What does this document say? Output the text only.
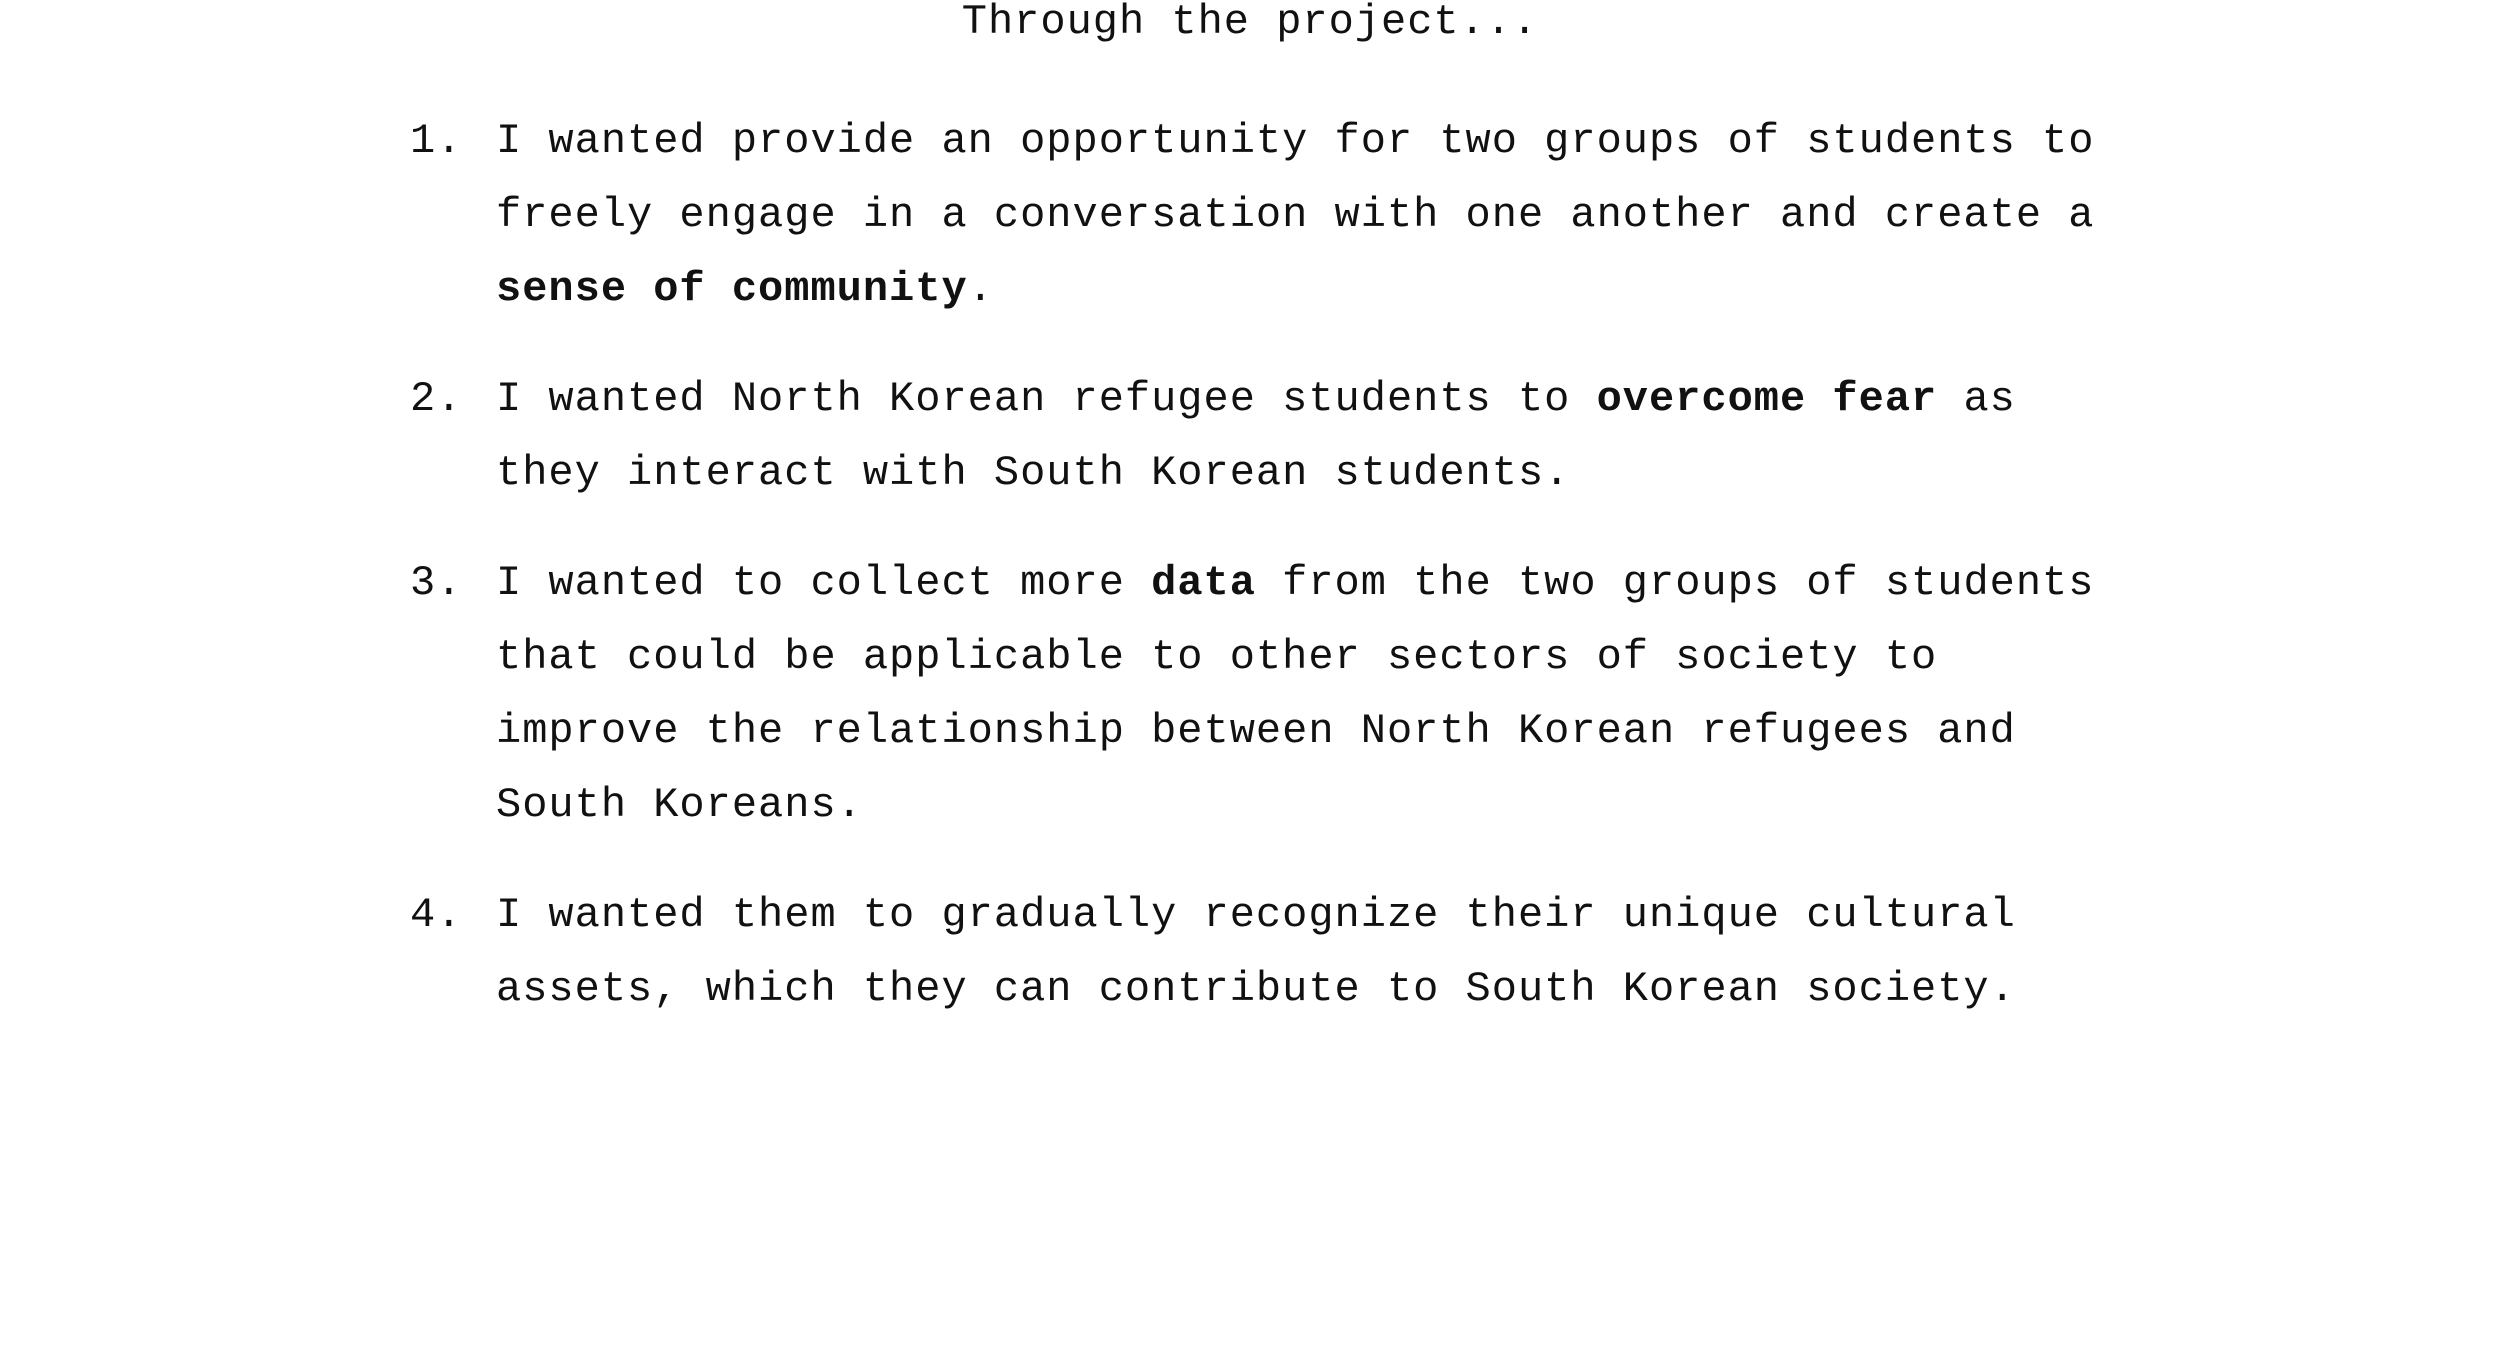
Through the project...
1. I wanted provide an opportunity for two groups of students to freely engage in a conversation with one another and create a sense of community.
2. I wanted North Korean refugee students to overcome fear as they interact with South Korean students.
3. I wanted to collect more data from the two groups of students that could be applicable to other sectors of society to improve the relationship between North Korean refugees and South Koreans.
4. I wanted them to gradually recognize their unique cultural assets, which they can contribute to South Korean society.
